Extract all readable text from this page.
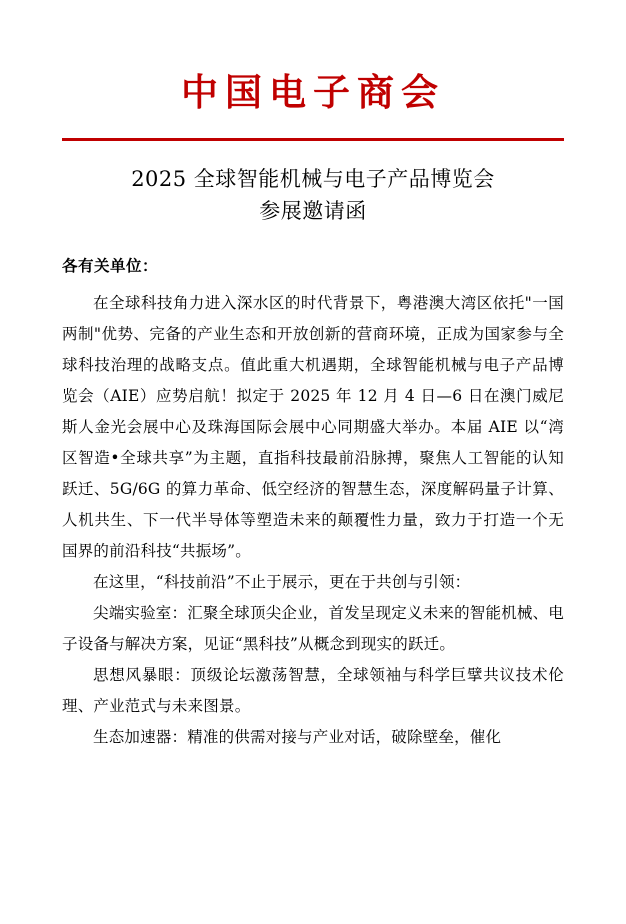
中国电子商会
2025 全球智能机械与电子产品博览会
参展邀请函
各有关单位：

在全球科技角力进入深水区的时代背景下，粤港澳大湾区依托"一国两制"优势、完备的产业生态和开放创新的营商环境，正成为国家参与全球科技治理的战略支点。值此重大机遇期，全球智能机械与电子产品博览会（AIE）应势启航！拟定于 2025 年 12 月 4 日—6 日在澳门威尼斯人金光会展中心及珠海国际会展中心同期盛大举办。本届 AIE 以“湾区智造•全球共享”为主题，直指科技最前沿脉搏，聚焦人工智能的认知跃迁、5G/6G 的算力革命、低空经济的智慧生态，深度解码量子计算、人机共生、下一代半导体等塑造未来的颠覆性力量，致力于打造一个无国界的前沿科技“共振场”。

在这里，“科技前沿”不止于展示，更在于共创与引领：

尖端实验室：汇聚全球顶尖企业，首发呈现定义未来的智能机械、电子设备与解决方案，见证“黑科技”从概念到现实的跃迁。

思想风暴眼：顶级论坛激荡智慧，全球领袖与科学巨擘共议技术伦理、产业范式与未来图景。

生态加速器：精准的供需对接与产业对话，破除壁垒，催化
